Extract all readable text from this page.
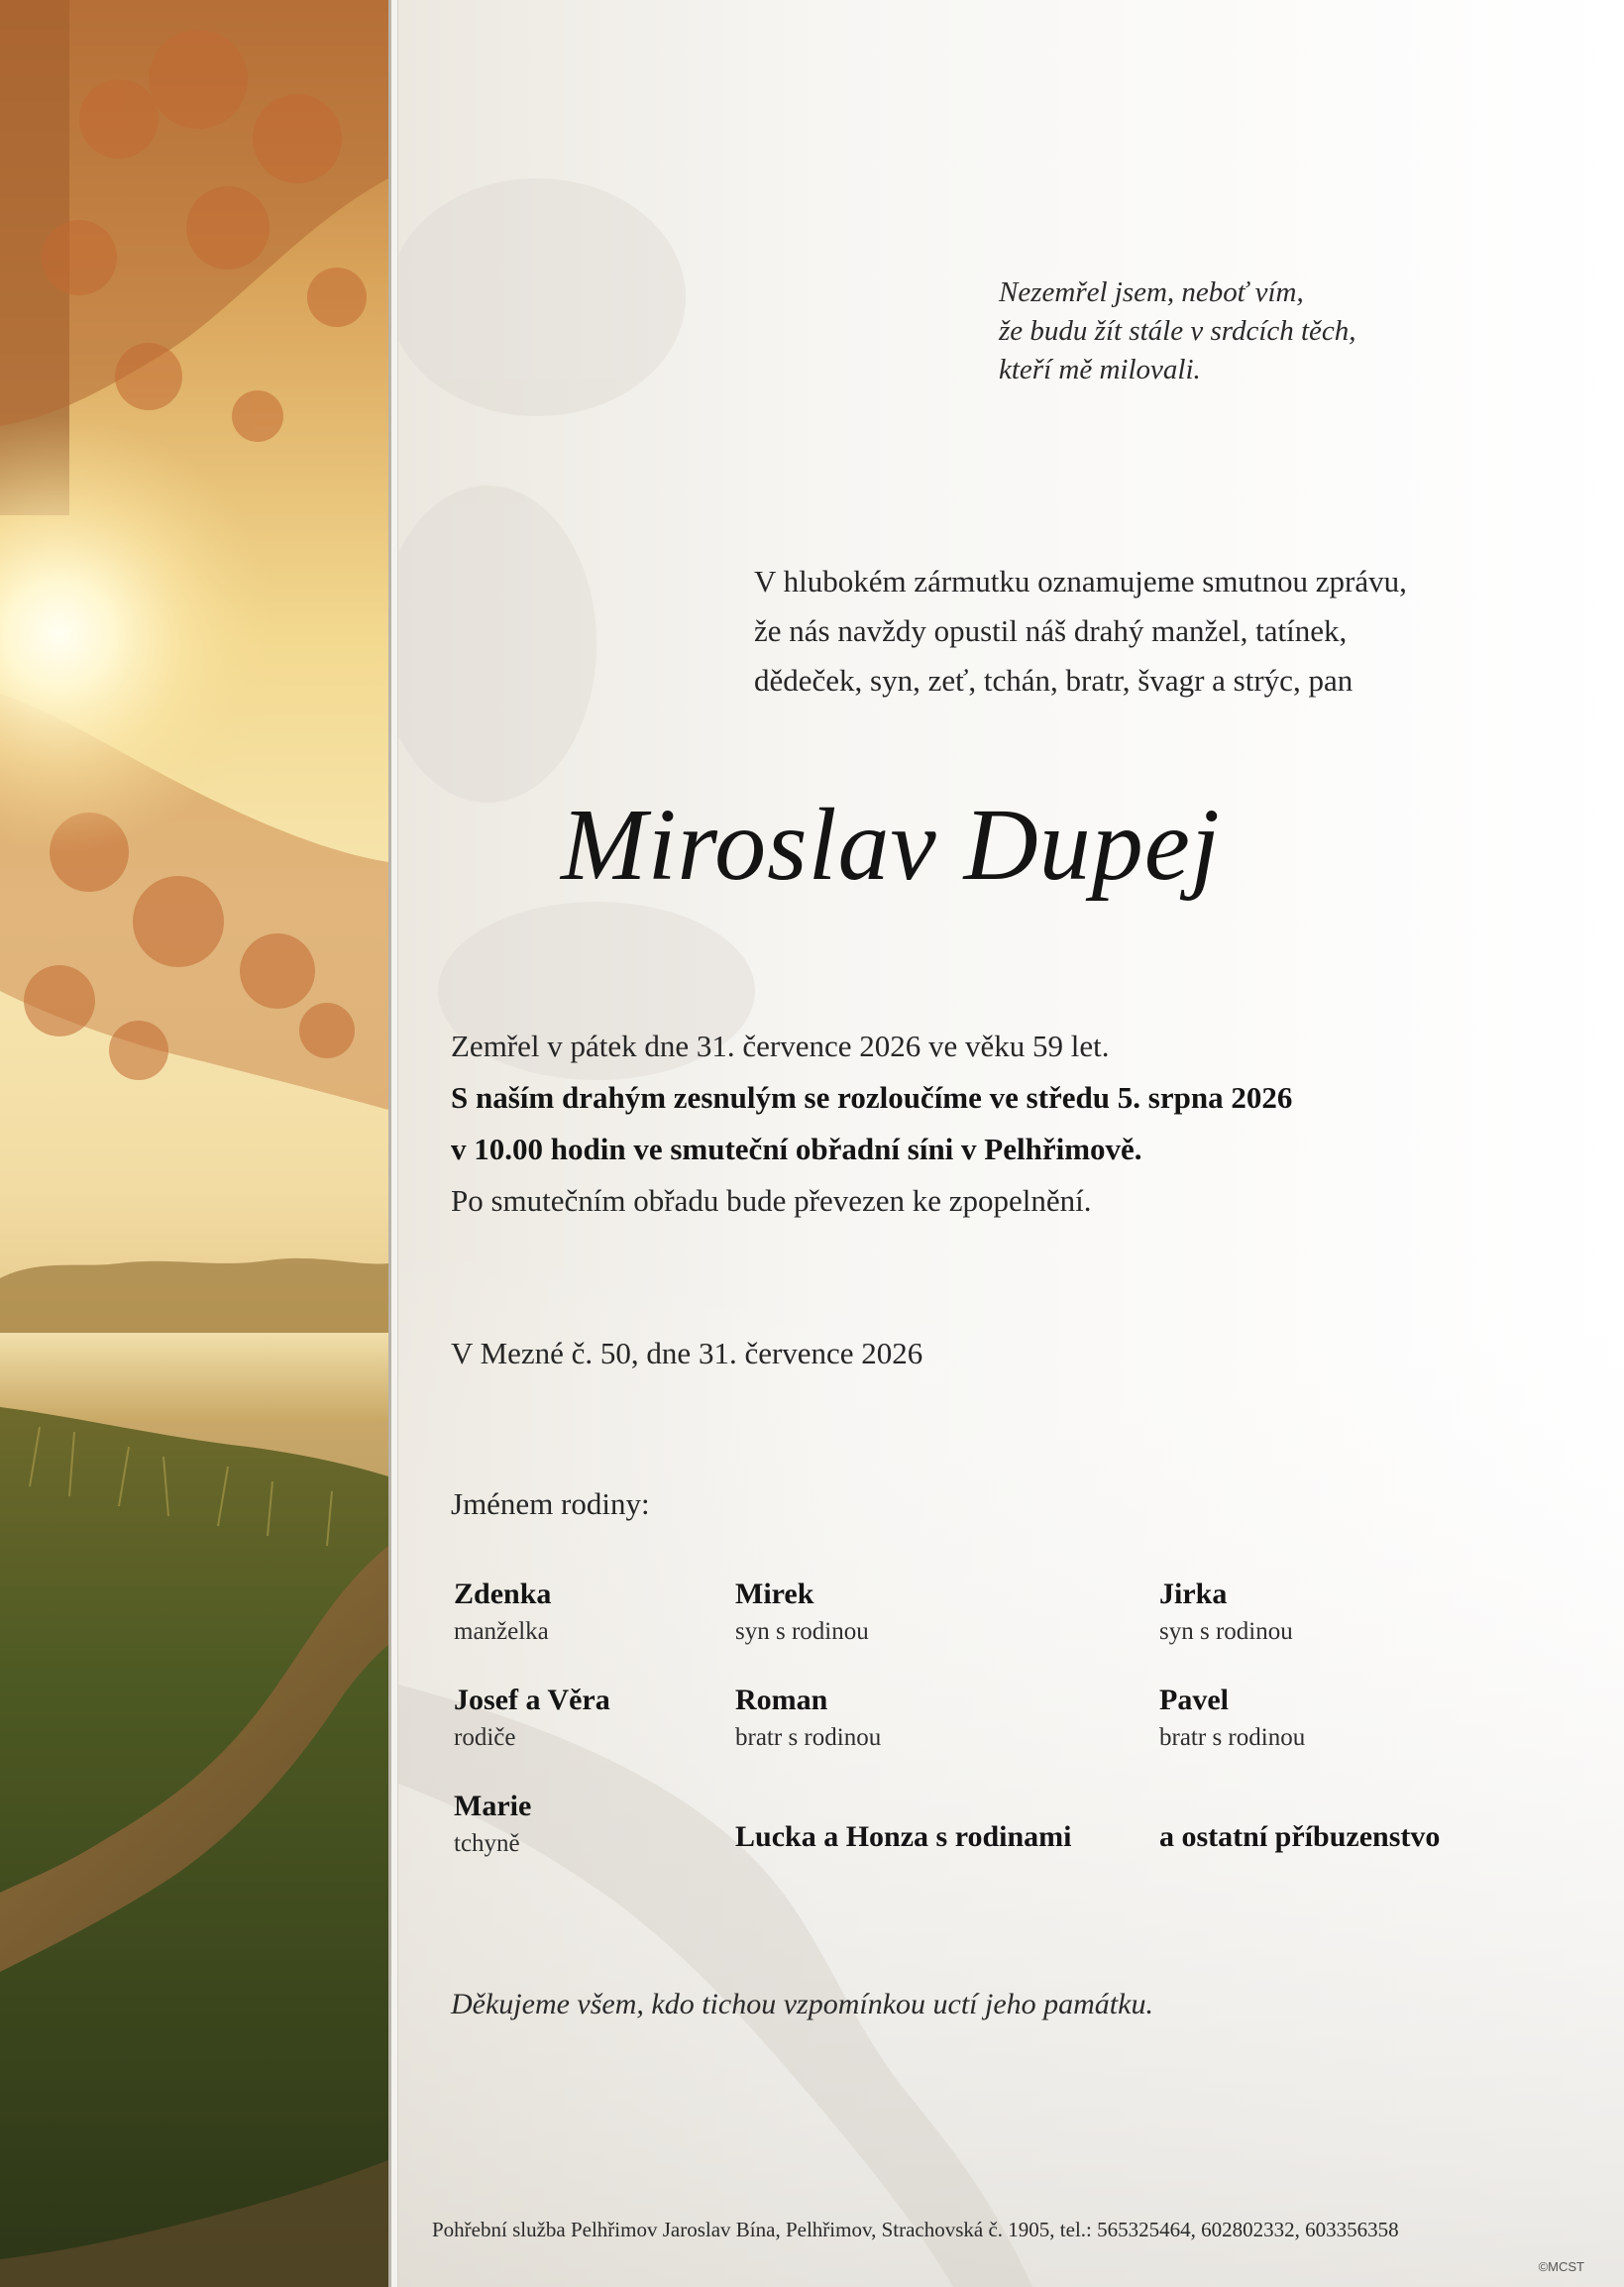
Nezemřel jsem, neboť vím,
že budu žít stále v srdcích těch,
kteří mě milovali.
V hlubokém zármutku oznamujeme smutnou zprávu,
že nás navždy opustil náš drahý manžel, tatínek,
dědeček, syn, zeť, tchán, bratr, švagr a strýc, pan
Miroslav Dupej
Zemřel v pátek dne 31. července 2026 ve věku 59 let.
S naším drahým zesnulým se rozloučíme ve středu 5. srpna 2026
v 10.00 hodin ve smuteční obřadní síni v Pelhřimově.
Po smutečním obřadu bude převezen ke zpopelnění.
V Mezné č. 50, dne 31. července 2026
Jménem rodiny:
Zdenka
manželka
Mirek
syn s rodinou
Jirka
syn s rodinou
Josef a Věra
rodiče
Roman
bratr s rodinou
Pavel
bratr s rodinou
Marie
tchyně	Lucka a Honza s rodinami	a ostatní příbuzenstvo
Děkujeme všem, kdo tichou vzpomínkou uctí jeho památku.
Pohřební služba Pelhřimov Jaroslav Bína, Pelhřimov, Strachovská č. 1905, tel.: 565325464, 602802332, 603356358
©MCST
